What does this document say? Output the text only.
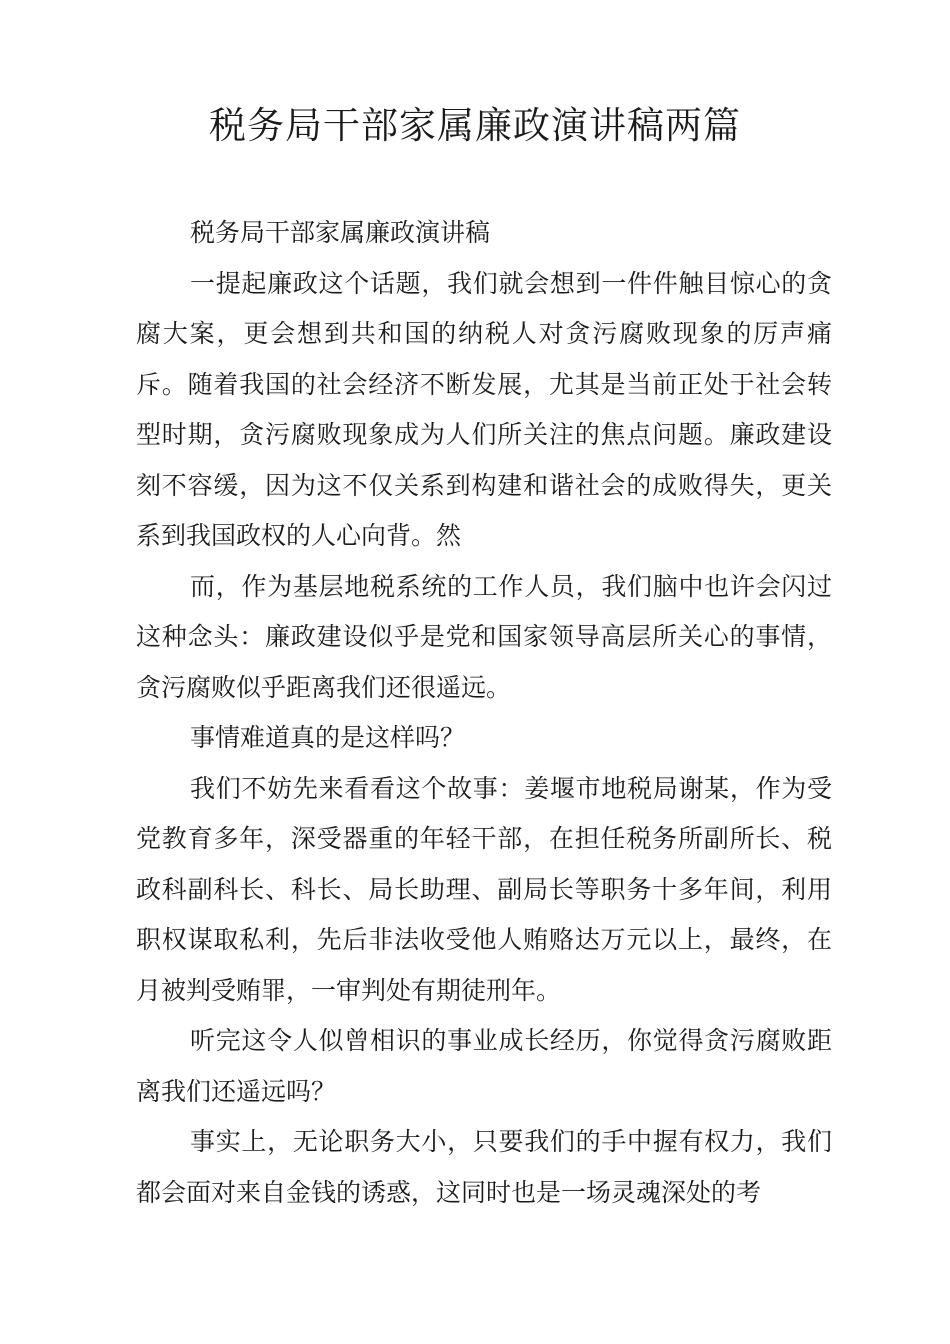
税务局干部家属廉政演讲稿两篇

税务局干部家属廉政演讲稿

一提起廉政这个话题，我们就会想到一件件触目惊心的贪腐大案，更会想到共和国的纳税人对贪污腐败现象的厉声痛斥。随着我国的社会经济不断发展，尤其是当前正处于社会转型时期，贪污腐败现象成为人们所关注的焦点问题。廉政建设刻不容缓，因为这不仅关系到构建和谐社会的成败得失，更关系到我国政权的人心向背。然

而，作为基层地税系统的工作人员，我们脑中也许会闪过这种念头：廉政建设似乎是党和国家领导高层所关心的事情，贪污腐败似乎距离我们还很遥远。

事情难道真的是这样吗？

我们不妨先来看看这个故事：姜堰市地税局谢某，作为受党教育多年，深受器重的年轻干部，在担任税务所副所长、税政科副科长、科长、局长助理、副局长等职务十多年间，利用职权谋取私利，先后非法收受他人贿赂达万元以上，最终，在月被判受贿罪，一审判处有期徒刑年。

听完这令人似曾相识的事业成长经历，你觉得贪污腐败距离我们还遥远吗？

事实上，无论职务大小，只要我们的手中握有权力，我们都会面对来自金钱的诱惑，这同时也是一场灵魂深处的考
